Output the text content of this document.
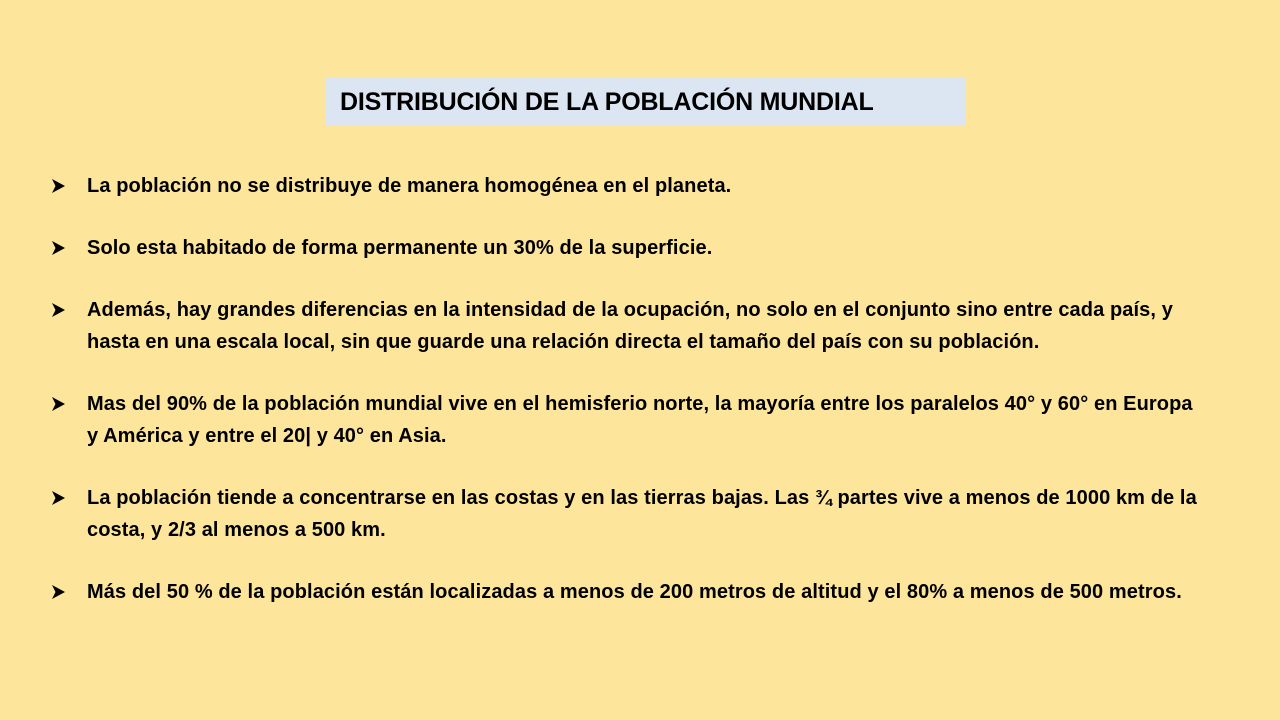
DISTRIBUCIÓN DE LA POBLACIÓN MUNDIAL
La población no se distribuye de manera homogénea en el planeta.
Solo esta habitado de forma permanente un 30% de la superficie.
Además, hay grandes diferencias en la intensidad de la ocupación, no solo en el conjunto sino entre cada país, y hasta en una escala local, sin que guarde una relación directa el tamaño del país con su población.
Mas del 90% de la población mundial vive en el hemisferio norte, la mayoría entre los paralelos 40° y 60° en Europa y América y entre el 20| y 40° en Asia.
La población tiende a concentrarse en las costas y en las tierras bajas. Las ¾ partes vive a menos de 1000 km de la costa, y 2/3 al menos a 500 km.
Más del 50 % de la población están localizadas a menos de 200 metros de altitud y el 80% a menos de 500 metros.
